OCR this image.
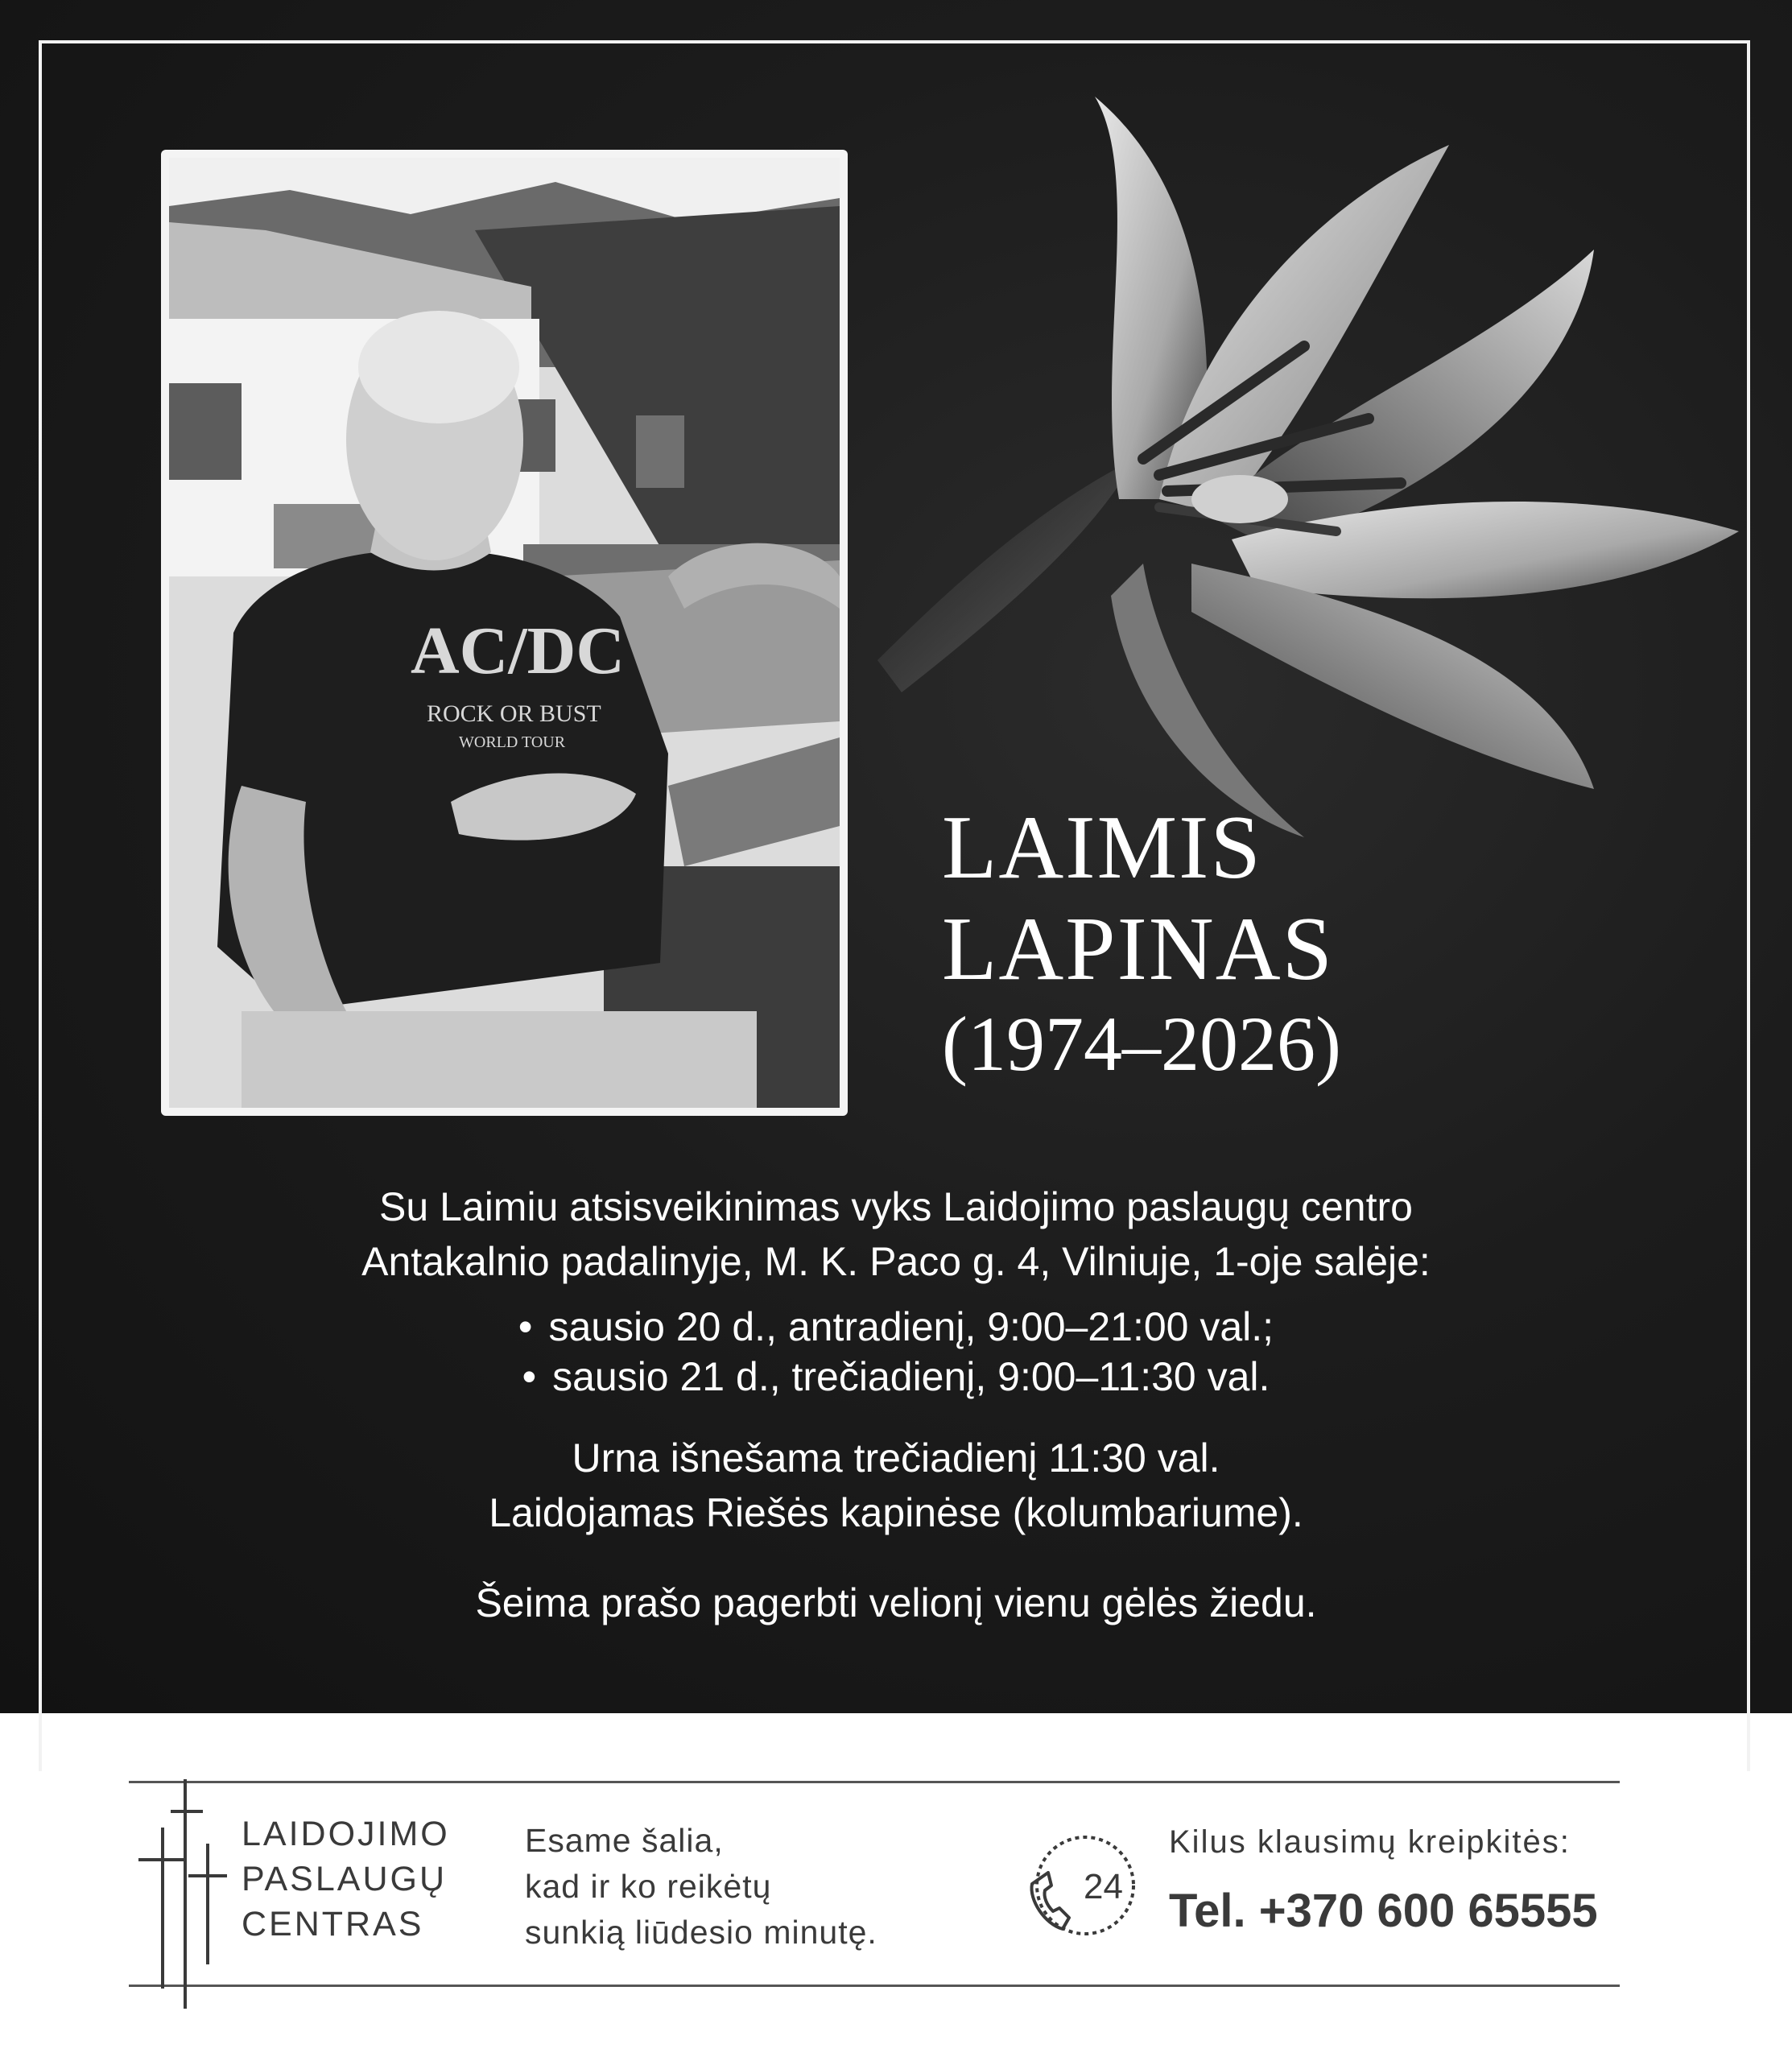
AC/DC
ROCK OR BUST
WORLD TOUR
LAIMIS
LAPINAS
(1974–2026)

Su Laimiu atsisveikinimas vyks Laidojimo paslaugų centro

Antakalnio padalinyje, M. K. Paco g. 4, Vilniuje, 1-oje salėje:

• sausio 20 d., antradienį, 9:00–21:00 val.;
• sausio 21 d., trečiadienį, 9:00–11:30 val.

Urna išnešama trečiadienį 11:30 val.

Laidojamas Riešės kapinėse (kolumbariume).

Šeima prašo pagerbti velionį vienu gėlės žiedu.

LAIDOJIMO
PASLAUGŲ
CENTRAS
Esame šalia,
kad ir ko reikėtų
sunkią liūdesio minutę.
24
Kilus klausimų kreipkitės:
Tel. +370 600 65555
